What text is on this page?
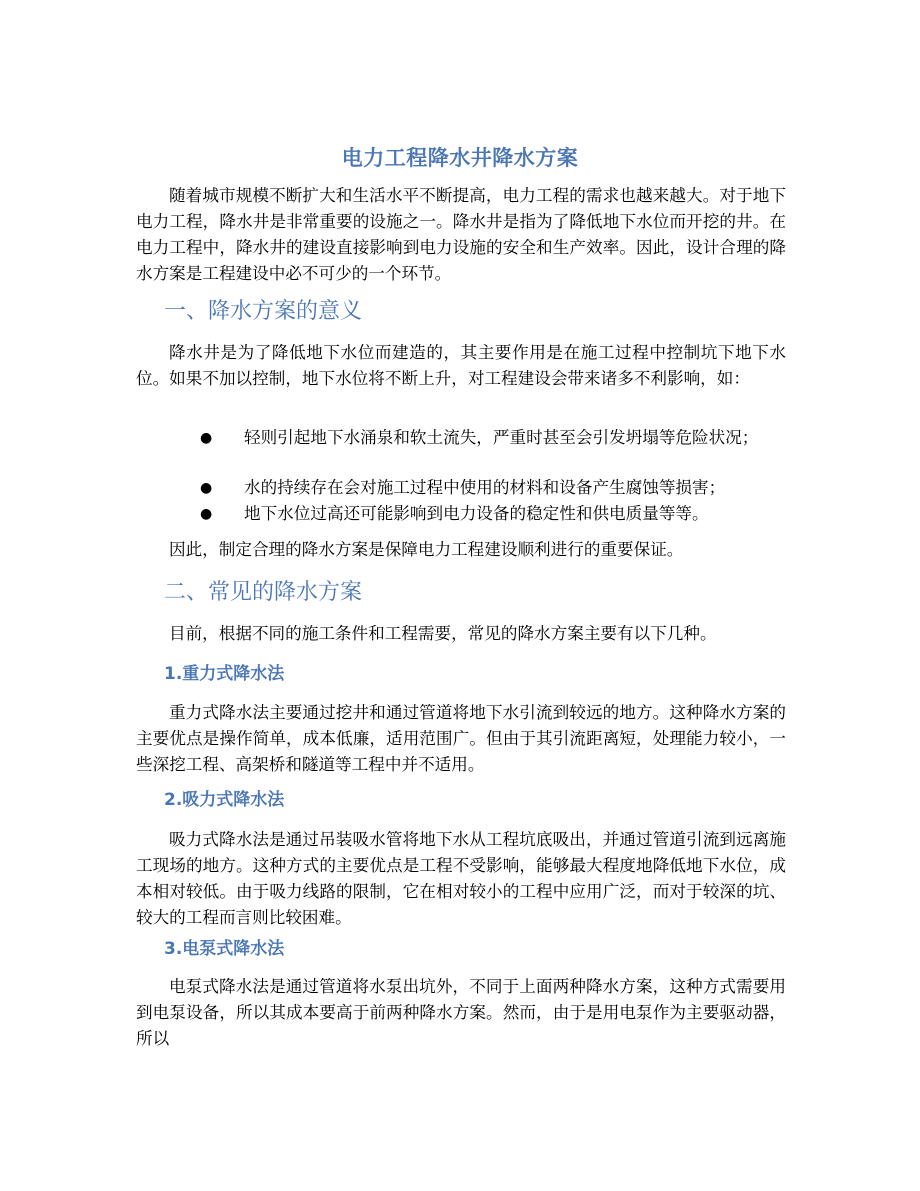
电力工程降水井降水方案
随着城市规模不断扩大和生活水平不断提高，电力工程的需求也越来越大。对于地下电力工程，降水井是非常重要的设施之一。降水井是指为了降低地下水位而开挖的井。在电力工程中，降水井的建设直接影响到电力设施的安全和生产效率。因此，设计合理的降水方案是工程建设中必不可少的一个环节。
一、降水方案的意义
降水井是为了降低地下水位而建造的，其主要作用是在施工过程中控制坑下地下水位。如果不加以控制，地下水位将不断上升，对工程建设会带来诸多不利影响，如：
●	轻则引起地下水涌泉和软土流失，严重时甚至会引发坍塌等危险状况；
●	水的持续存在会对施工过程中使用的材料和设备产生腐蚀等损害；
●	地下水位过高还可能影响到电力设备的稳定性和供电质量等等。
因此，制定合理的降水方案是保障电力工程建设顺利进行的重要保证。
二、常见的降水方案
目前，根据不同的施工条件和工程需要，常见的降水方案主要有以下几种。
1.重力式降水法
重力式降水法主要通过挖井和通过管道将地下水引流到较远的地方。这种降水方案的主要优点是操作简单，成本低廉，适用范围广。但由于其引流距离短，处理能力较小，一些深挖工程、高架桥和隧道等工程中并不适用。
2.吸力式降水法
吸力式降水法是通过吊装吸水管将地下水从工程坑底吸出，并通过管道引流到远离施工现场的地方。这种方式的主要优点是工程不受影响，能够最大程度地降低地下水位，成本相对较低。由于吸力线路的限制，它在相对较小的工程中应用广泛，而对于较深的坑、较大的工程而言则比较困难。
3.电泵式降水法
电泵式降水法是通过管道将水泵出坑外，不同于上面两种降水方案，这种方式需要用到电泵设备，所以其成本要高于前两种降水方案。然而，由于是用电泵作为主要驱动器，所以
